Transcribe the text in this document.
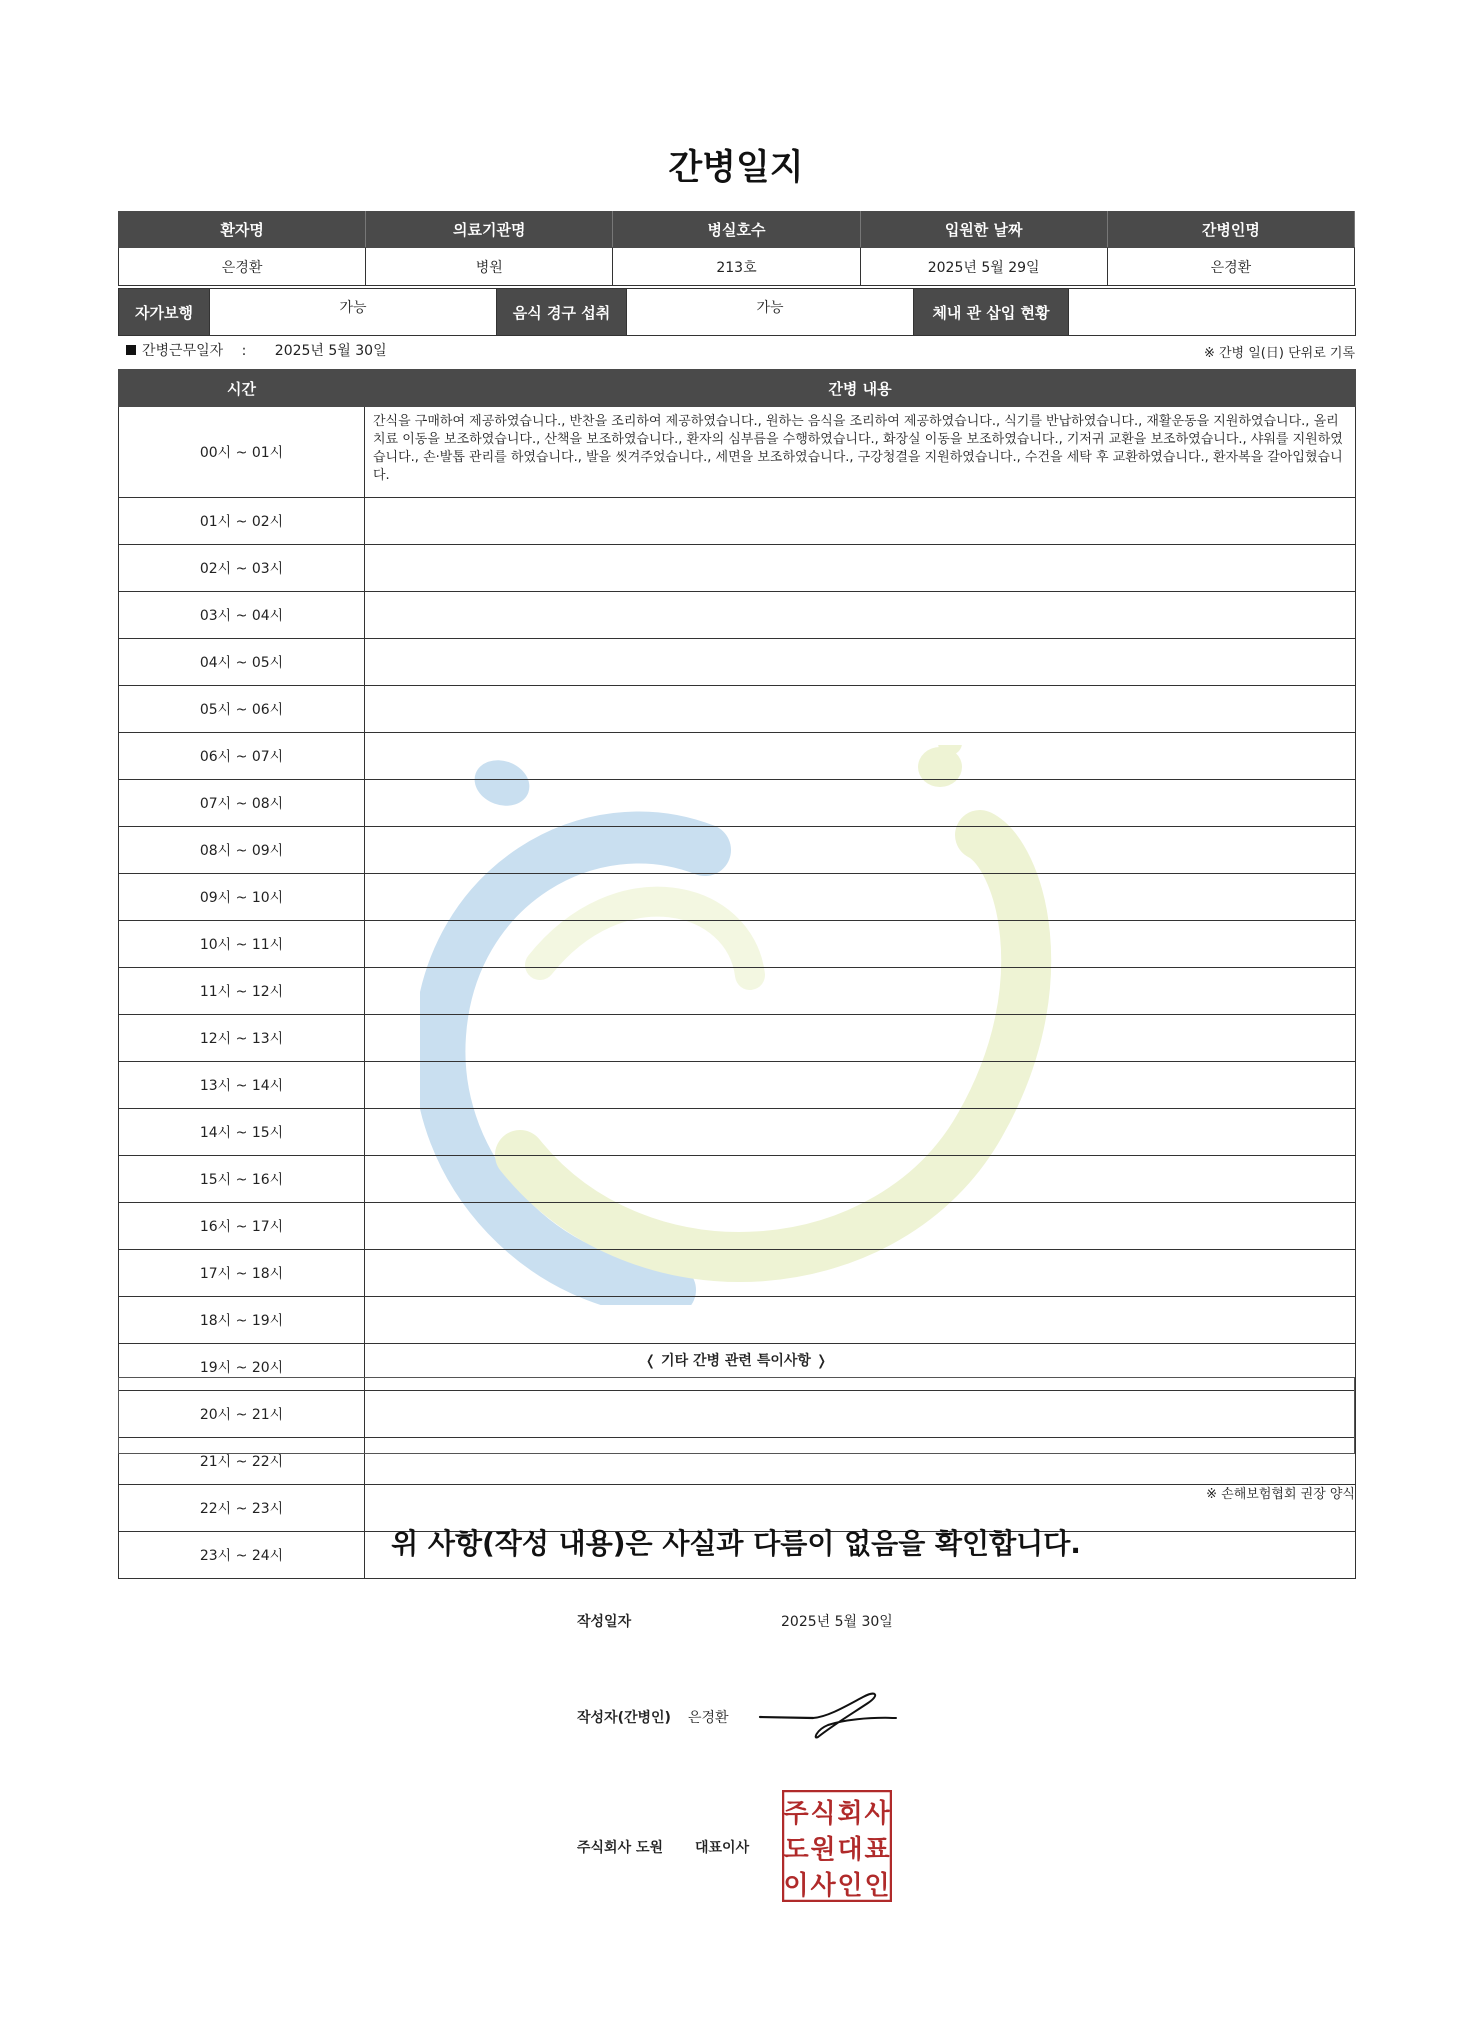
간병일지
환자명	의료기관명	병실호수	입원한 날짜	간병인명
은경환	병원	213호	2025년 5월 29일	은경환
자가보행	가능	음식 경구 섭취	가능	체내 관 삽입 현황	
간병근무일자 : 2025년 5월 30일	※ 간병 일(日) 단위로 기록
시간	간병 내용
00시 ~ 01시	간식을 구매하여 제공하였습니다., 반찬을 조리하여 제공하였습니다., 원하는 음식을 조리하여 제공하였습니다., 식기를 반납하였습니다., 재활운동을 지원하였습니다., 올리치료 이동을 보조하였습니다., 산책을 보조하였습니다., 환자의 심부름을 수행하였습니다., 화장실 이동을 보조하였습니다., 기저귀 교환을 보조하였습니다., 샤워를 지원하였습니다., 손·발톱 관리를 하였습니다., 발을 씻겨주었습니다., 세면을 보조하였습니다., 구강청결을 지원하였습니다., 수건을 세탁 후 교환하였습니다., 환자복을 갈아입혔습니다.
01시 ~ 02시	
02시 ~ 03시	
03시 ~ 04시	
04시 ~ 05시	
05시 ~ 06시	
06시 ~ 07시	
07시 ~ 08시	
08시 ~ 09시	
09시 ~ 10시	
10시 ~ 11시	
11시 ~ 12시	
12시 ~ 13시	
13시 ~ 14시	
14시 ~ 15시	
15시 ~ 16시	
16시 ~ 17시	
17시 ~ 18시	
18시 ~ 19시	
19시 ~ 20시	
20시 ~ 21시	
21시 ~ 22시	
22시 ~ 23시	
23시 ~ 24시	
❬ 기타 간병 관련 특이사항 ❭
※ 손해보험협회 권장 양식
위 사항(작성 내용)은 사실과 다름이 없음을 확인합니다.
작성일자	2025년 5월 30일
작성자(간병인) 은경환
주식회사 도원 대표이사
주 식 회 사
도 원 대 표
이 사 인 인
